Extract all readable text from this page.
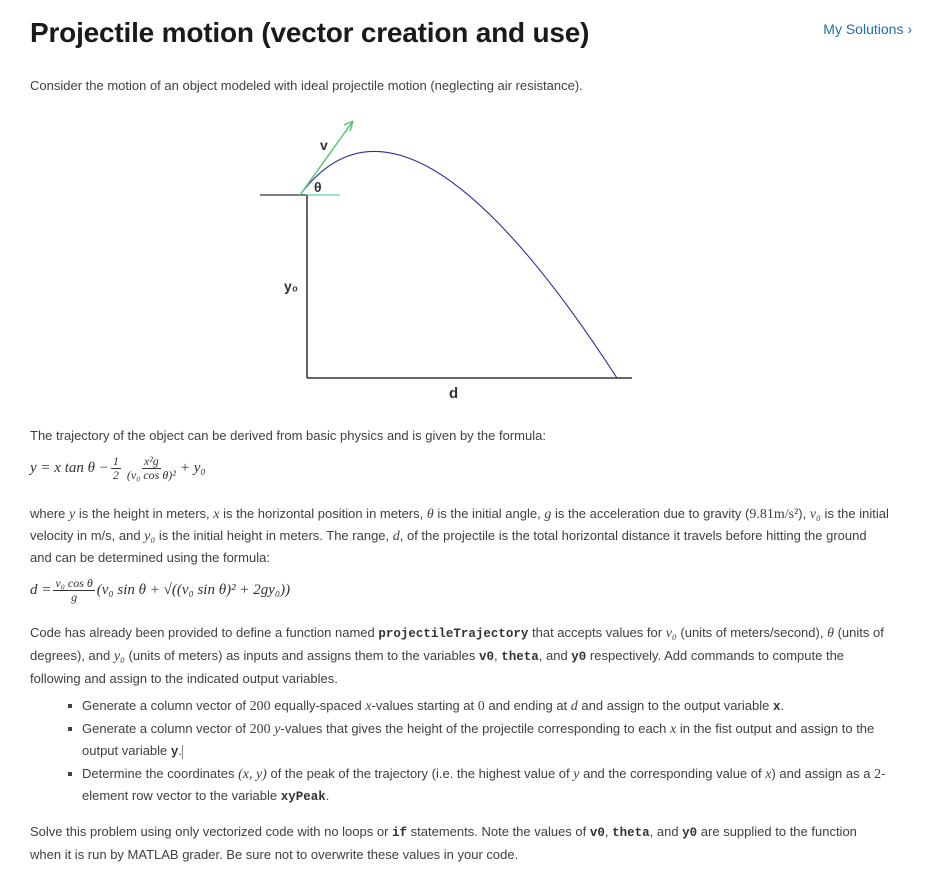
Projectile motion (vector creation and use)	My Solutions ›

Consider the motion of an object modeled with ideal projectile motion (neglecting air resistance).

v
θ
y₀
d

The trajectory of the object can be derived from basic physics and is given by the formula:

y = x $\tan \theta - \frac{1}{2} \frac{\text{x²g}}{\text{(v₀ cos θ)²}} + y_0$

where y is the height in meters, x is the horizontal position in meters, θ is the initial angle, g is the acceleration due to gravity (9.81m/s²), v₀ is the initial velocity in m/s, and y₀ is the initial height in meters. The range, d, of the projectile is the total horizontal distance it travels before hitting the ground and can be determined using the formula:

$d = \frac{\text{v₀ cos θ}}{g} (v_0$ sin θ + √((v₀ sin θ)² + 2gy₀))

Code has already been provided to define a function named projectileTrajectory that accepts values for v₀ (units of meters/second), θ (units of degrees), and y₀ (units of meters) as inputs and assigns them to the variables v0, theta, and y0 respectively. Add commands to compute the following and assign to the indicated output variables.

Generate a column vector of 200 equally-spaced x-values starting at 0 and ending at d and assign to the output variable x.
Generate a column vector of 200 y-values that gives the height of the projectile corresponding to each x in the fist output and assign to the output variable y.
Determine the coordinates (x, y) of the peak of the trajectory (i.e. the highest value of y and the corresponding value of x) and assign as a 2-element row vector to the variable xyPeak.

Solve this problem using only vectorized code with no loops or if statements. Note the values of v0, theta, and y0 are supplied to the function when it is run by MATLAB grader. Be sure not to overwrite these values in your code.
